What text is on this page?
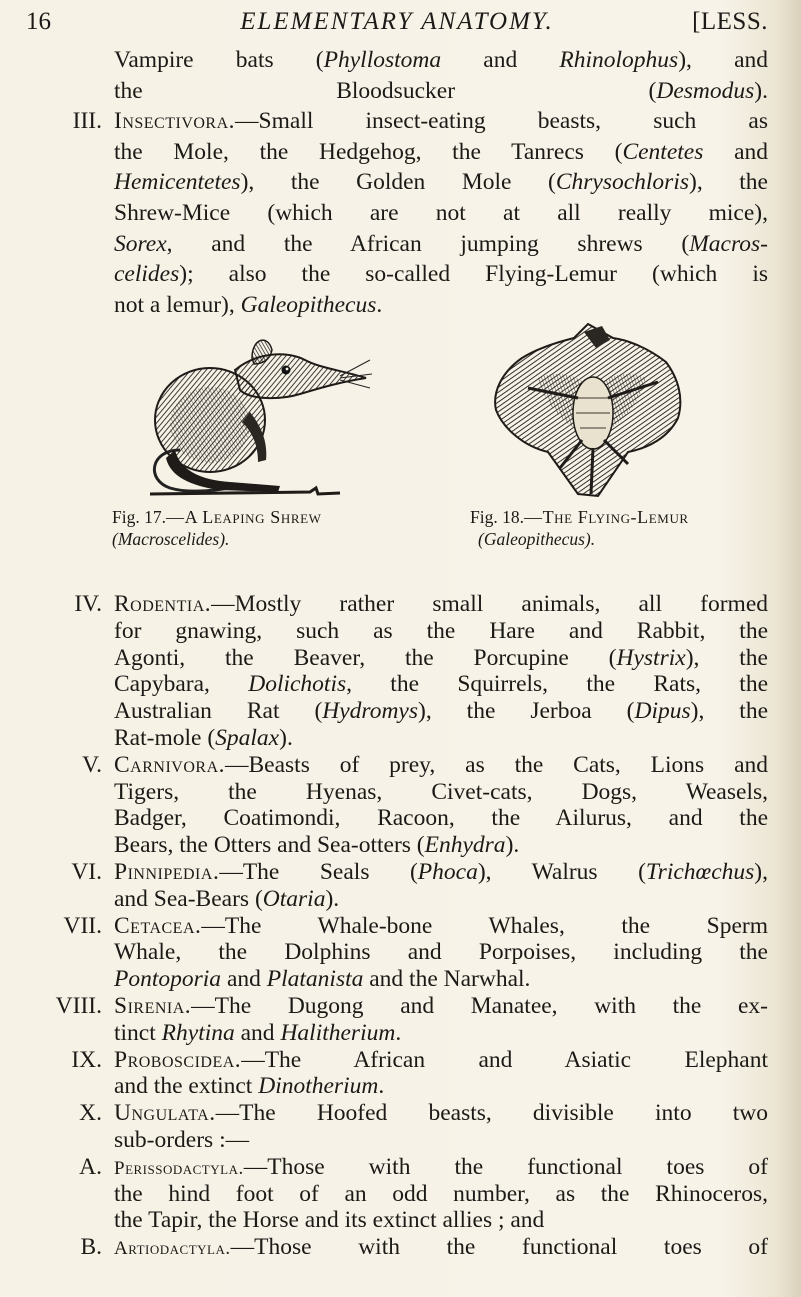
16	ELEMENTARY ANATOMY.	[LESS.
Vampire bats (Phyllostoma and Rhinolophus), and
the Bloodsucker (Desmodus).
III. Insectivora.—Small insect-eating beasts, such as
the Mole, the Hedgehog, the Tanrecs (Centetes and
Hemicentetes), the Golden Mole (Chrysochloris), the
Shrew-Mice (which are not at all really mice),
Sorex, and the African jumping shrews (Macros-
celides); also the so-called Flying-Lemur (which is
not a lemur), Galeopithecus.
Fig. 17.—A Leaping Shrew
(Macroscelides).
Fig. 18.—The Flying-Lemur
(Galeopithecus).
IV. Rodentia.—Mostly rather small animals, all formed
for gnawing, such as the Hare and Rabbit, the
Agonti, the Beaver, the Porcupine (Hystrix), the
Capybara, Dolichotis, the Squirrels, the Rats, the
Australian Rat (Hydromys), the Jerboa (Dipus), the
Rat-mole (Spalax).
V. Carnivora.—Beasts of prey, as the Cats, Lions and
Tigers, the Hyenas, Civet-cats, Dogs, Weasels,
Badger, Coatimondi, Racoon, the Ailurus, and the
Bears, the Otters and Sea-otters (Enhydra).
VI. Pinnipedia.—The Seals (Phoca), Walrus (Trichœchus),
and Sea-Bears (Otaria).
VII. Cetacea.—The Whale-bone Whales, the Sperm
Whale, the Dolphins and Porpoises, including the
Pontoporia and Platanista and the Narwhal.
VIII. Sirenia.—The Dugong and Manatee, with the ex-
tinct Rhytina and Halitherium.
IX. Proboscidea.—The African and Asiatic Elephant
and the extinct Dinotherium.
X. Ungulata.—The Hoofed beasts, divisible into two
sub-orders :—
A. Perissodactyla.—Those with the functional toes of
the hind foot of an odd number, as the Rhinoceros,
the Tapir, the Horse and its extinct allies ; and
B. Artiodactyla.—Those with the functional toes of
